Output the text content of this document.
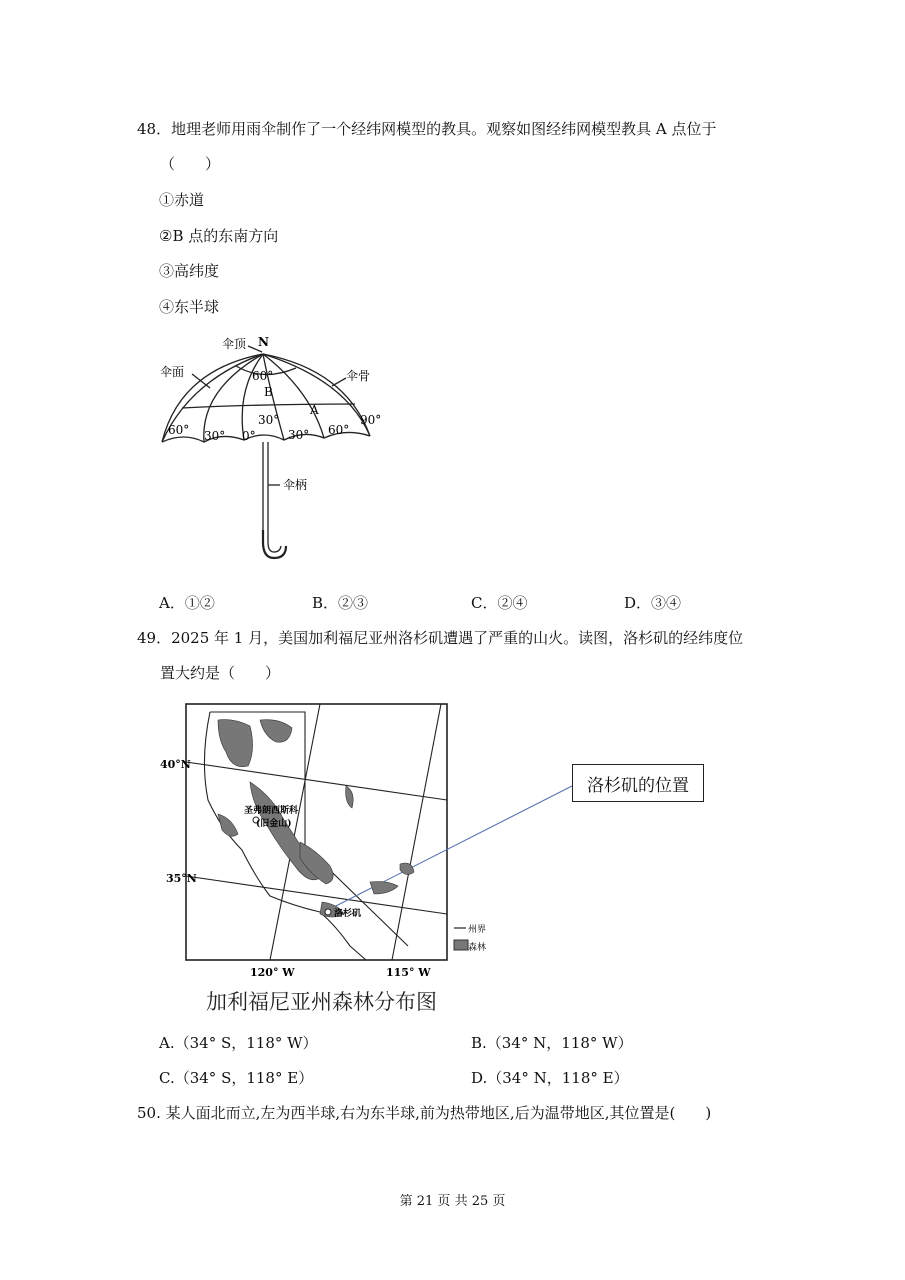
48．地理老师用雨伞制作了一个经纬网模型的教具。观察如图经纬网模型教具 A 点位于
（　　）
①赤道
②B 点的东南方向
③高纬度
④东半球
伞顶 N
伞面	伞骨
伞柄
60°
B
A
30°
60° 30° 0°	30° 60°
90°
A．①②	B．②③	C．②④	D．③④
49．2025 年 1 月，美国加利福尼亚州洛杉矶遭遇了严重的山火。读图，洛杉矶的经纬度位
置大约是（　　）
40°N
35°N
120° W	115° W
圣弗朗西斯科
(旧金山)
洛杉矶
州界
森林
洛杉矶的位置
加利福尼亚州森林分布图
A.（34° S，118° W）	B.（34° N，118° W）
C.（34° S，118° E）	D.（34° N，118° E）
50. 某人面北而立,左为西半球,右为东半球,前为热带地区,后为温带地区,其位置是(　　)
第 21 页 共 25 页
